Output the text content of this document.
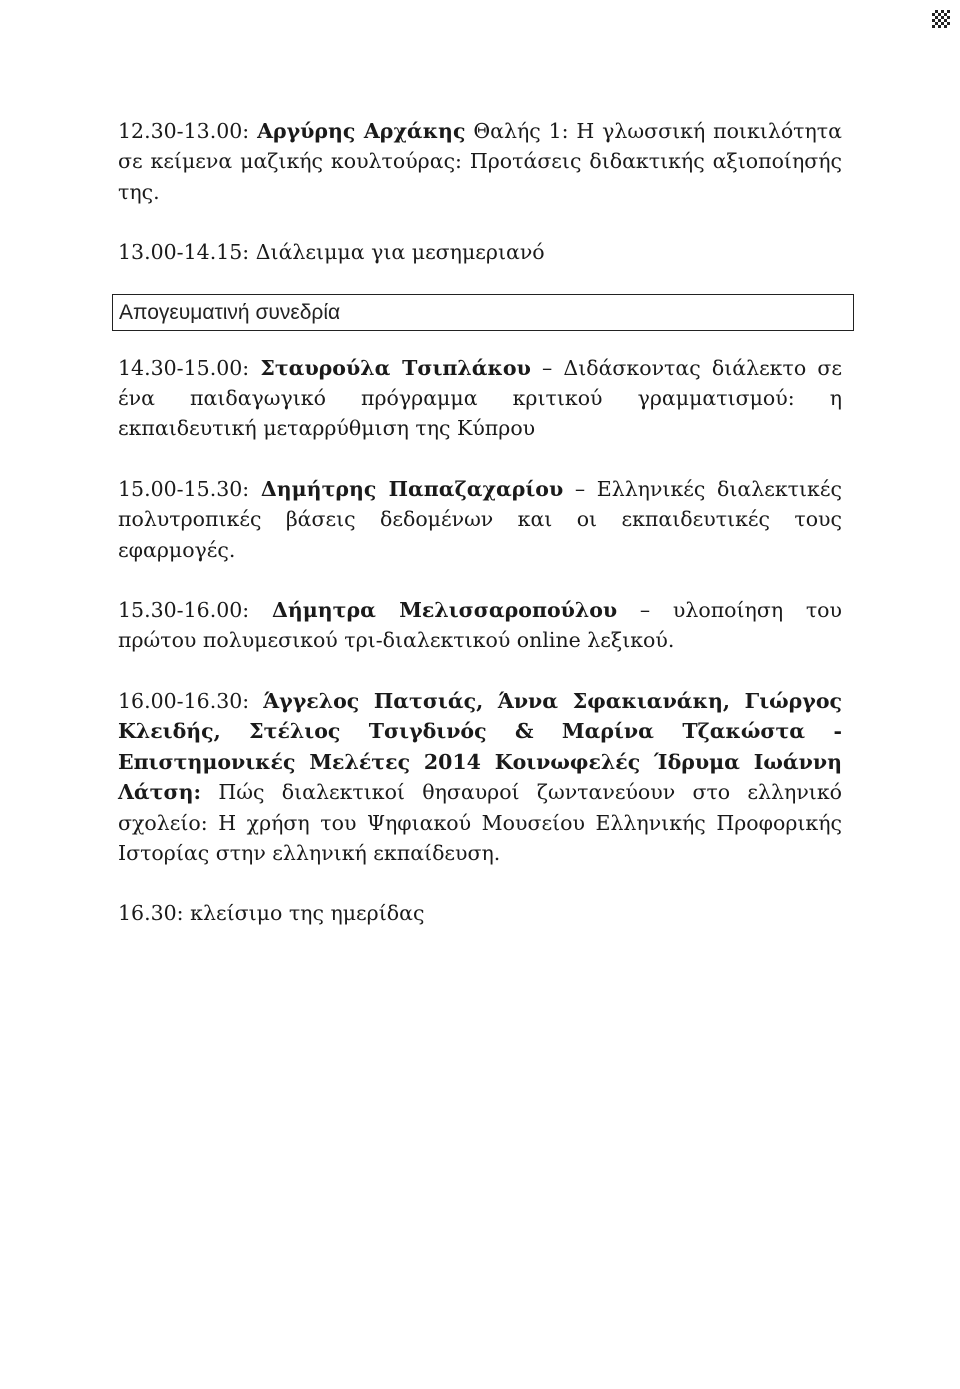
12.30-13.00: Αργύρης Αρχάκης Θαλής 1: Η γλωσσική ποικιλότητα σε κείμενα μαζικής κουλτούρας: Προτάσεις διδακτικής αξιοποίησής της.

13.00-14.15: Διάλειμμα για μεσημεριανό

Απογευματινή συνεδρία

14.30-15.00: Σταυρούλα Τσιπλάκου – Διδάσκοντας διάλεκτο σε ένα παιδαγωγικό πρόγραμμα κριτικού γραμματισμού: η εκπαιδευτική μεταρρύθμιση της Κύπρου

15.00-15.30: Δημήτρης Παπαζαχαρίου – Ελληνικές διαλεκτικές πολυτροπικές βάσεις δεδομένων και οι εκπαιδευτικές τους εφαρμογές.

15.30-16.00: Δήμητρα Μελισσαροπούλου – υλοποίηση του πρώτου πολυμεσικού τρι-διαλεκτικού online λεξικού.

16.00-16.30: Άγγελος Πατσιάς, Άννα Σφακιανάκη, Γιώργος Κλειδής, Στέλιος Τσιγδινός & Μαρίνα Τζακώστα - Επιστημονικές Μελέτες 2014 Κοινωφελές Ίδρυμα Ιωάννη Λάτση: Πώς διαλεκτικοί θησαυροί ζωντανεύουν στο ελληνικό σχολείο: Η χρήση του Ψηφιακού Μουσείου Ελληνικής Προφορικής Ιστορίας στην ελληνική εκπαίδευση.

16.30: κλείσιμο της ημερίδας
